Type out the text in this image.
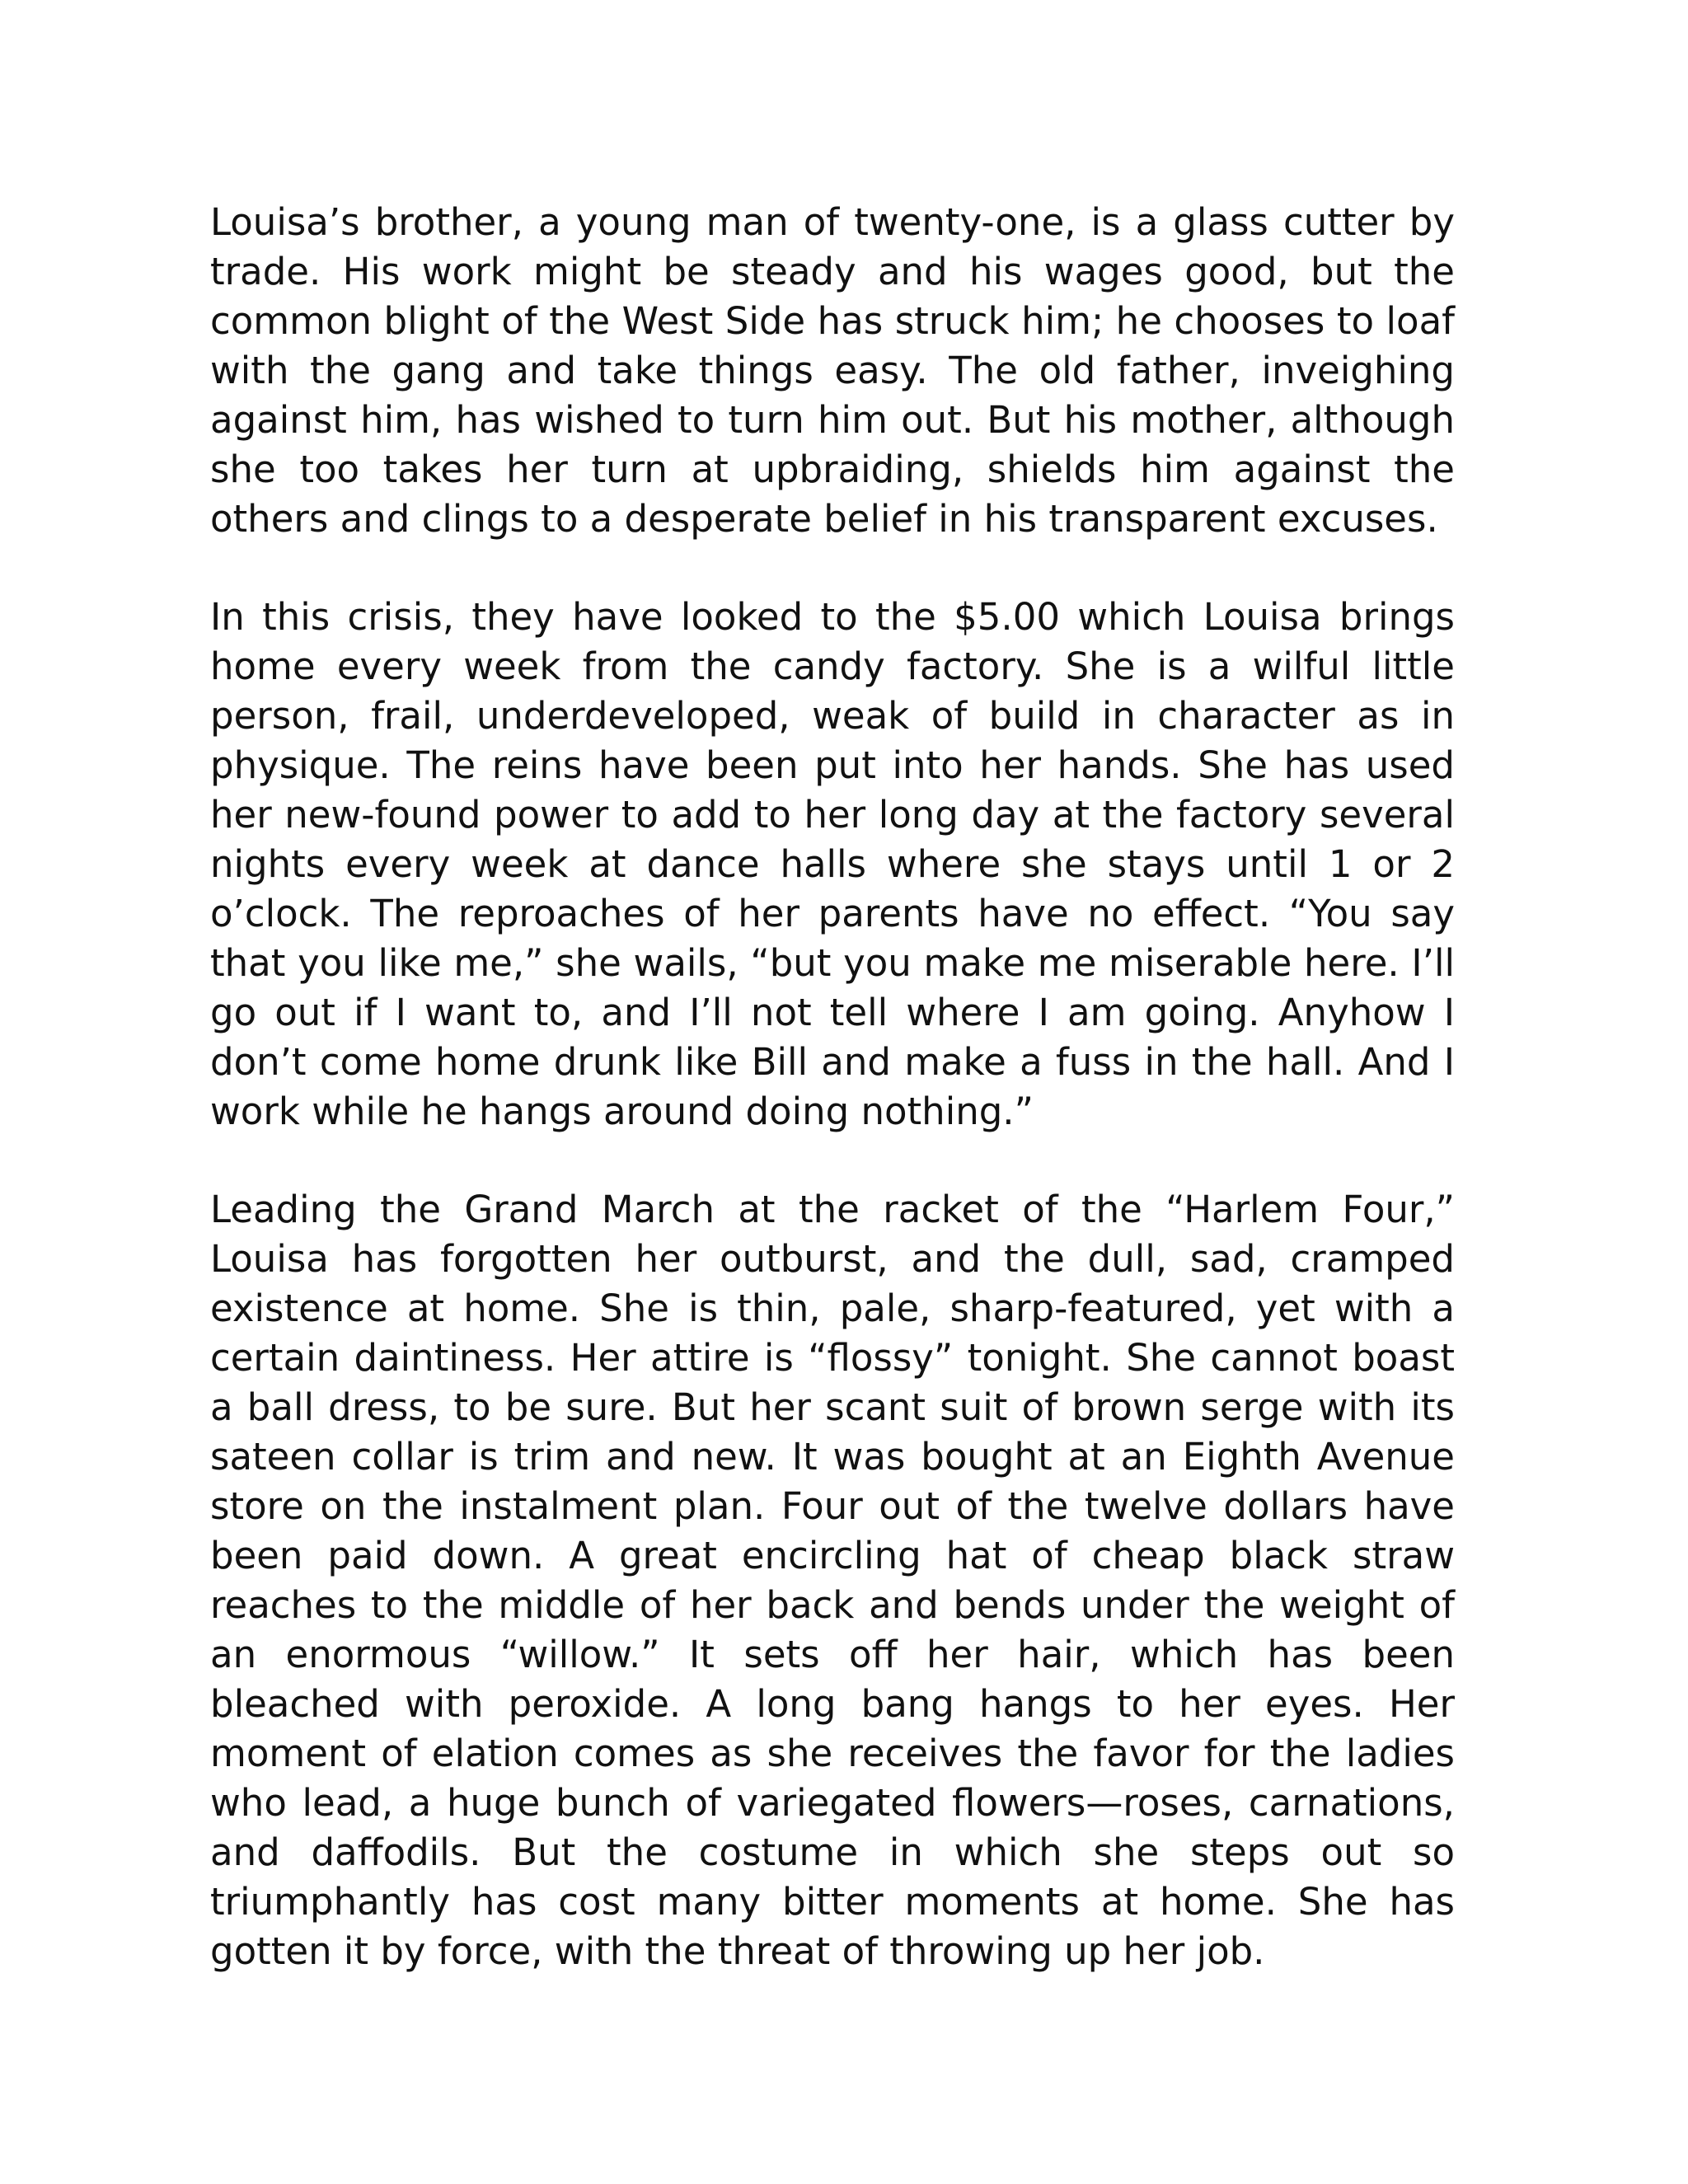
Louisa’s brother, a young man of twenty-one, is a glass cutter by trade. His work might be steady and his wages good, but the common blight of the West Side has struck him; he chooses to loaf with the gang and take things easy. The old father, inveighing against him, has wished to turn him out. But his mother, although she too takes her turn at upbraiding, shields him against the others and clings to a desperate belief in his transparent excuses.

In this crisis, they have looked to the $5.00 which Louisa brings home every week from the candy factory. She is a wilful little person, frail, underdeveloped, weak of build in character as in physique. The reins have been put into her hands. She has used her new-found power to add to her long day at the factory several nights every week at dance halls where she stays until 1 or 2 o’clock. The reproaches of her parents have no effect. “You say that you like me,” she wails, “but you make me miserable here. I’ll go out if I want to, and I’ll not tell where I am going. Anyhow I don’t come home drunk like Bill and make a fuss in the hall. And I work while he hangs around doing nothing.”

Leading the Grand March at the racket of the “Harlem Four,” Louisa has forgotten her outburst, and the dull, sad, cramped existence at home. She is thin, pale, sharp-featured, yet with a certain daintiness. Her attire is “flossy” tonight. She cannot boast a ball dress, to be sure. But her scant suit of brown serge with its sateen collar is trim and new. It was bought at an Eighth Avenue store on the instalment plan. Four out of the twelve dollars have been paid down. A great encircling hat of cheap black straw reaches to the middle of her back and bends under the weight of an enormous “willow.” It sets off her hair, which has been bleached with peroxide. A long bang hangs to her eyes. Her moment of elation comes as she receives the favor for the ladies who lead, a huge bunch of variegated flowers—roses, carnations, and daffodils. But the costume in which she steps out so triumphantly has cost many bitter moments at home. She has gotten it by force, with the threat of throwing up her job.
